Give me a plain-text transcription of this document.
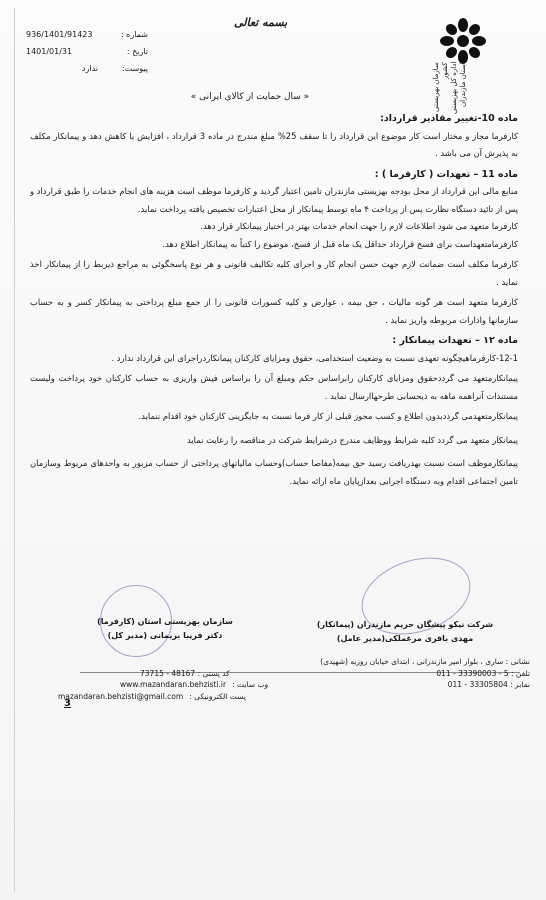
936/1401/91423	شماره :
1401/01/31	تاریخ :
ندارد	پیوست:
بسمه تعالی
سازمان بهزیستی کشور اداره کل بهزیستی استان مازندران
« سال حمایت از کالای ایرانی »

ماده 10-تغییر مقادیر قرارداد:

کارفرما مجاز و مختار است کار موضوع این قرارداد را تا سقف 25% مبلغ مندرج در ماده 3 قرارداد ، افزایش یا کاهش دهد و پیمانکار مکلف به پذیرش آن می باشد .

ماده 11 – تعهدات ( کارفرما ) :

منابع مالی این قرارداد از محل بودجه بهزیستی مازندران تامین اعتبار گردید و کارفرما موظف است هزینه های انجام خدمات را طبق قرارداد و پس از تائید دستگاه نظارت پس از پرداخت ۴ ماه توسط پیمانکار از محل اعتبارات تخصیص یافته پرداخت نماید.

کارفرما متعهد می شود اطلاعات لازم را جهت انجام خدمات بهتر در اختیار پیمانکار قرار دهد.

کارفرمامتعهداست برای فسخ قرارداد حداقل یک ماه قبل از فسخ، موضوع را کتباً به پیمانکار اطلاع دهد.

کارفرما مکلف است ضمانت لازم جهت حسن انجام کار و اجرای کلیه تکالیف قانونی و هر نوع پاسخگوئی به مراجع ذیربط را از پیمانکار اخذ نماید .

کارفرما متعهد است هر گونه مالیات ، حق بیمه ، عوارض و کلیه کسورات قانونی را از جمع مبلغ پرداختی به پیمانکار کسر و به حساب سازمانها وادارات مربوطه واریز نماید .

ماده ۱۲ – تعهدات پیمانکار :

12-1-کارفرماهیچگونه تعهدی نسبت به وضعیت استخدامی، حقوق ومزایای کارکنان پیمانکاردراجرای این قرارداد ندارد .

پیمانکارمتعهد می گرددحقوق ومزایای کارکنان رابراساس حکم ومبلغ آن را براساس فیش واریزی به حساب کارکنان خود پرداخت ولیست مستندات آنراهمه ماهه به ذیحسابی طرحهاارسال نماید .

پیمانکارمتعهدمی گرددبدون اطلاع و کسب مجوز قبلی از کار فرما نسبت به جایگزینی کارکنان خود اقدام ننماید.

پیمانکار متعهد می گردد کلیه شرایط ووظایف مندرج درشرایط شرکت در مناقصه را رعایت نماید

پیمانکارموظف است نسبت بهدریافت رسید حق بیمه(مفاصا حساب)وحساب مالیاتهای پرداختی از حساب مزبور به واحدهای مربوط وسازمان تامین اجتماعی اقدام وبه دستگاه اجرایی بعدازپایان ماه ارائه نماید.

سازمان بهزیستی استان (کارفرما)
دکتر فریبا بریمانی (مدیر کل)
شرکت نیکو پیشگان حریم مازندران (پیمانکار)
مهدی باقری مرغملکی(مدیر عامل)
نشانی : ساری ، بلوار امیر مازندرانی ، ابتدای خیابان روزبه (شهیدی)
کد پستی : 48167 - 73715	تلفن : 5 - 33390003 - 011
www.mazandaran.behzisti.ir وب سایت :	نمابر : 33305804 - 011
mazandaran.behzisti@gmail.com پست الکترونیکی :
3
